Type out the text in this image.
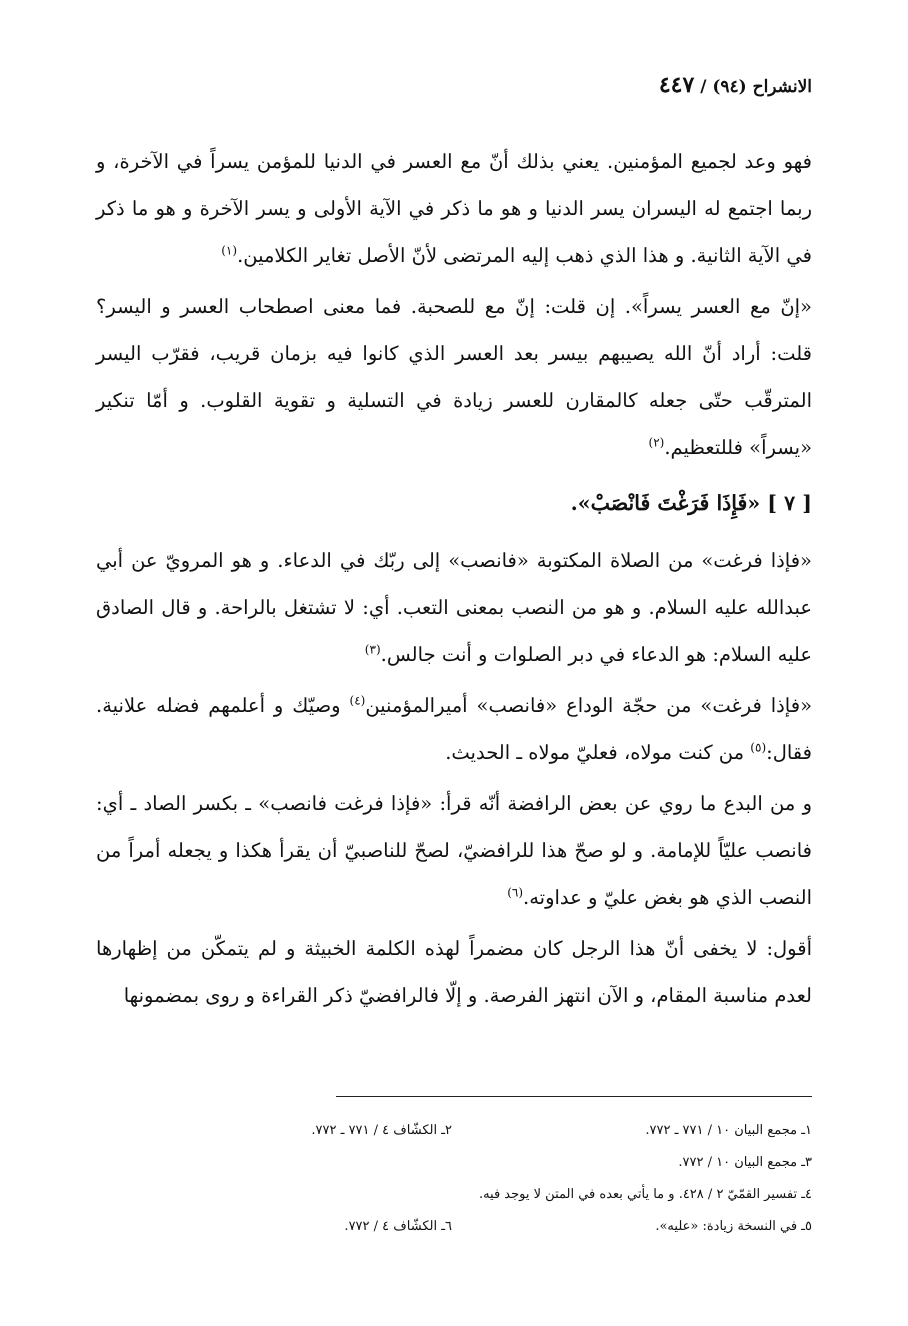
الانشراح (٩٤) / ٤٤٧

فهو وعد لجميع المؤمنين. يعني بذلك أنّ مع العسر في الدنيا للمؤمن يسراً في الآخرة، و ربما اجتمع له اليسران يسر الدنيا و هو ما ذكر في الآية الأولى و يسر الآخرة و هو ما ذكر في الآية الثانية. و هذا الذي ذهب إليه المرتضى لأنّ الأصل تغاير الكلامين.$^{(١)}$

«إنّ مع العسر يسراً». إن قلت: إنّ مع للصحبة. فما معنى اصطحاب العسر و اليسر؟ قلت: أراد أنّ الله يصيبهم بيسر بعد العسر الذي كانوا فيه بزمان قريب، فقرّب اليسر المترقّب حتّى جعله كالمقارن للعسر زيادة في التسلية و تقوية القلوب. و أمّا تنكير «يسراً» فللتعظيم.$^{(٢)}$

[ ٧ ] «فَإِذَا فَرَغْتَ فَانْصَبْ».

«فإذا فرغت» من الصلاة المكتوبة «فانصب» إلى ربّك في الدعاء. و هو المرويّ عن أبي عبدالله عليه السلام. و هو من النصب بمعنى التعب. أي: لا تشتغل بالراحة. و قال الصادق عليه السلام: هو الدعاء في دبر الصلوات و أنت جالس.$^{(٣)}$

«فإذا فرغت» من حجّة الوداع «فانصب» أميرالمؤمنين$^{(٤)}$ وصيّك و أعلمهم فضله علانية. فقال:$^{(٥)}$ من كنت مولاه، فعليّ مولاه ـ الحديث.

و من البدع ما روي عن بعض الرافضة أنّه قرأ: «فإذا فرغت فانصب» ـ بكسر الصاد ـ أي: فانصب عليّاً للإمامة. و لو صحّ هذا للرافضيّ، لصحّ للناصبيّ أن يقرأ هكذا و يجعله أمراً من النصب الذي هو بغض عليّ و عداوته.$^{(٦)}$

أقول: لا يخفى أنّ هذا الرجل كان مضمراً لهذه الكلمة الخبيثة و لم يتمكّن من إظهارها لعدم مناسبة المقام، و الآن انتهز الفرصة. و إلّا فالرافضيّ ذكر القراءة و روى بمضمونها

١ـ مجمع البيان ١٠ / ٧٧١ ـ ٧٧٢.
٢ـ الكشّاف ٤ / ٧٧١ ـ ٧٧٢.
٣ـ مجمع البيان ١٠ / ٧٧٢.
٤ـ تفسير القمّيّ ٢ / ٤٢٨. و ما يأتي بعده في المتن لا يوجد فيه.
٥ـ في النسخة زيادة: «عليه».
٦ـ الكشّاف ٤ / ٧٧٢.
